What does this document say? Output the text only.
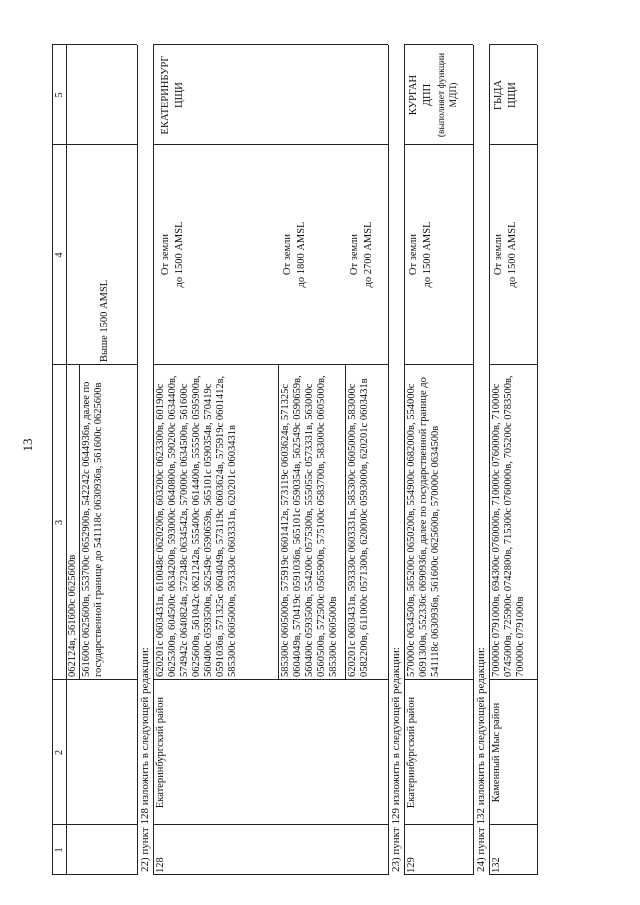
13
1
2
3
4
5
062124в, 561600с 0625600в 561600с 0625600в, 553700с 0652900в, 542242с 0644936в, далее по государственной границе до 541118с 0630936в, 561600с 0625600в
Выше 1500 AMSL
22) пункт 128 изложить в следующей редакции: 128
Екатеринбургский район
620201с 0603431в, 610048с 0620200в, 603200с 0623300в, 601900с 0625300в, 604500с 0634200в, 593000с 0640800в, 590200с 0634400в, 574942с 0640824в, 572348с 0634542в, 570000с 0634500в, 561600с 0625600в, 561042с 0621242в, 555400с 0614400в, 555500с 0595900в, 560400с 0593500в, 562549с 0590659в, 565101с 0590354в, 570419с 0591036в, 571325с 0604049в, 573119с 0603624в, 575919с 0601412в, 585300с 0605000в, 593330с 0603331в, 620201с 0603431в
От земли до 1500 AMSL
585300с 0605000в, 575919с 0601412в, 573119с 0603624в, 571325с 0604049в, 570419с 0591036в, 565101с 0590354в, 562549с 0590659в, 560400с 0593500в, 554200с 0575300в, 555055с 0573331в, 563000с 0560500в, 572500с 0565900в, 575100с 0583700в, 583000с 0605000в, 585300с 0605000в
От земли до 1800 AMSL
620201с 0603431в, 593330с 0603331в, 585300с 0605000в, 583000с 0582200в, 611000с 0571300в, 620000с 0593000в, 620201с 0603431в
От земли до 2700 AMSL
ЕКАТЕРИНБУРГ ЦЩИ
23) пункт 129 изложить в следующей редакции: 129
Екатеринбургский район
570000с 0634500в, 565200с 0650200в, 554900с 0682000в, 554000с 0691300в, 552336с 0690936в, далее по государственной границе до 541118с 0630936в, 561600с 0625600в, 570000с 0634500в
От земли до 1500 AMSL
КУРГАН ДПП (выполняет функции МДП)
24) пункт 132 изложить в следующей редакции: 132
Каменный Мыс район
700000с 0791000в, 694300с 0760000в, 710000с 0760000в, 710000с 0745000в, 725900с 0742800в, 715300с 0760000в, 705200с 0783500в, 700000с 0791000в
От земли до 1500 AMSL
ГЫДА ЦЩИ
